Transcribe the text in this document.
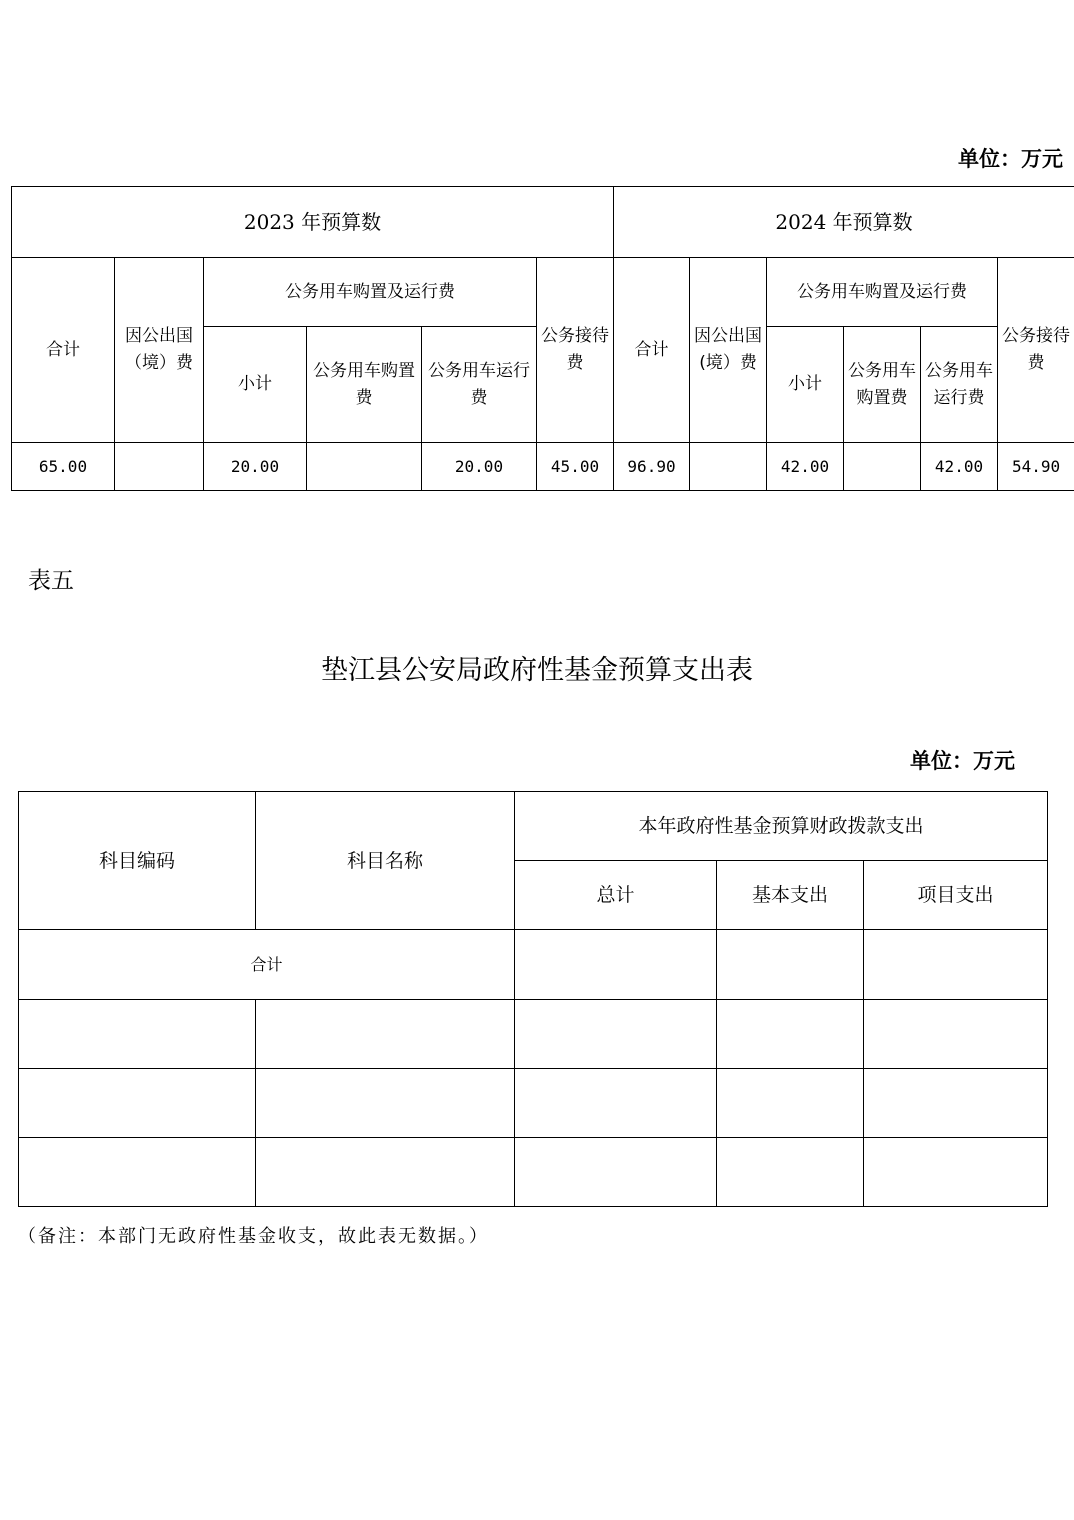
单位：万元
2023 年预算数						2024 年预算数					
合计	因公出国（境）费	公务用车购置及运行费			公务接待费	合计	因公出国(境）费	公务用车购置及运行费			公务接待费
		小计	公务用车购置费	公务用车运行费				小计	公务用车购置费	公务用车运行费	
65.00		20.00		20.00	45.00	96.90		42.00		42.00	54.90
表五
垫江县公安局政府性基金预算支出表
单位：万元
科目编码	科目名称	本年政府性基金预算财政拨款支出		
		总计	基本支出	项目支出
合计				

（备注：本部门无政府性基金收支，故此表无数据。）
